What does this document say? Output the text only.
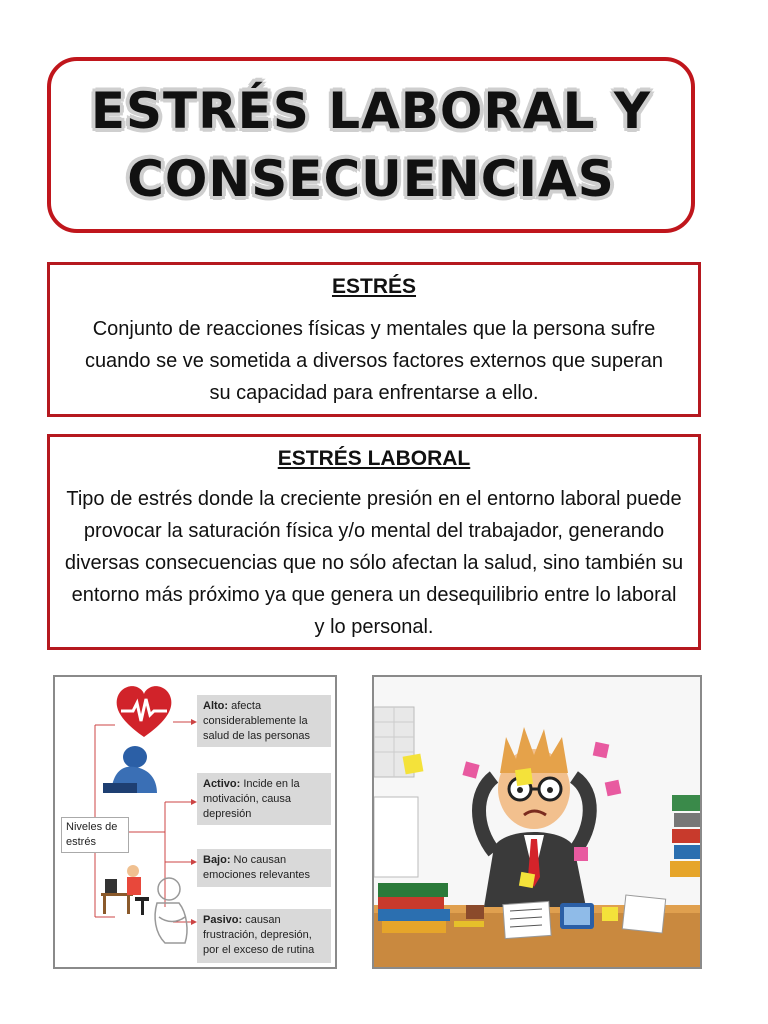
ESTRÉS LABORAL Y
CONSECUENCIAS
ESTRÉS

Conjunto de reacciones físicas y mentales que la persona sufre cuando se ve sometida a diversos factores externos que superan su capacidad para enfrentarse a ello.

ESTRÉS LABORAL

Tipo de estrés donde la creciente presión en el entorno laboral puede provocar la saturación física y/o mental del trabajador, generando diversas consecuencias que no sólo afectan la salud, sino también su entorno más próximo ya que genera un desequilibrio entre lo laboral y lo personal.

Niveles de estrés
Alto: afecta considerablemente la salud de las personas
Activo: Incide en la motivación, causa depresión
Bajo: No causan emociones relevantes
Pasivo: causan frustración, depresión, por el exceso de rutina
